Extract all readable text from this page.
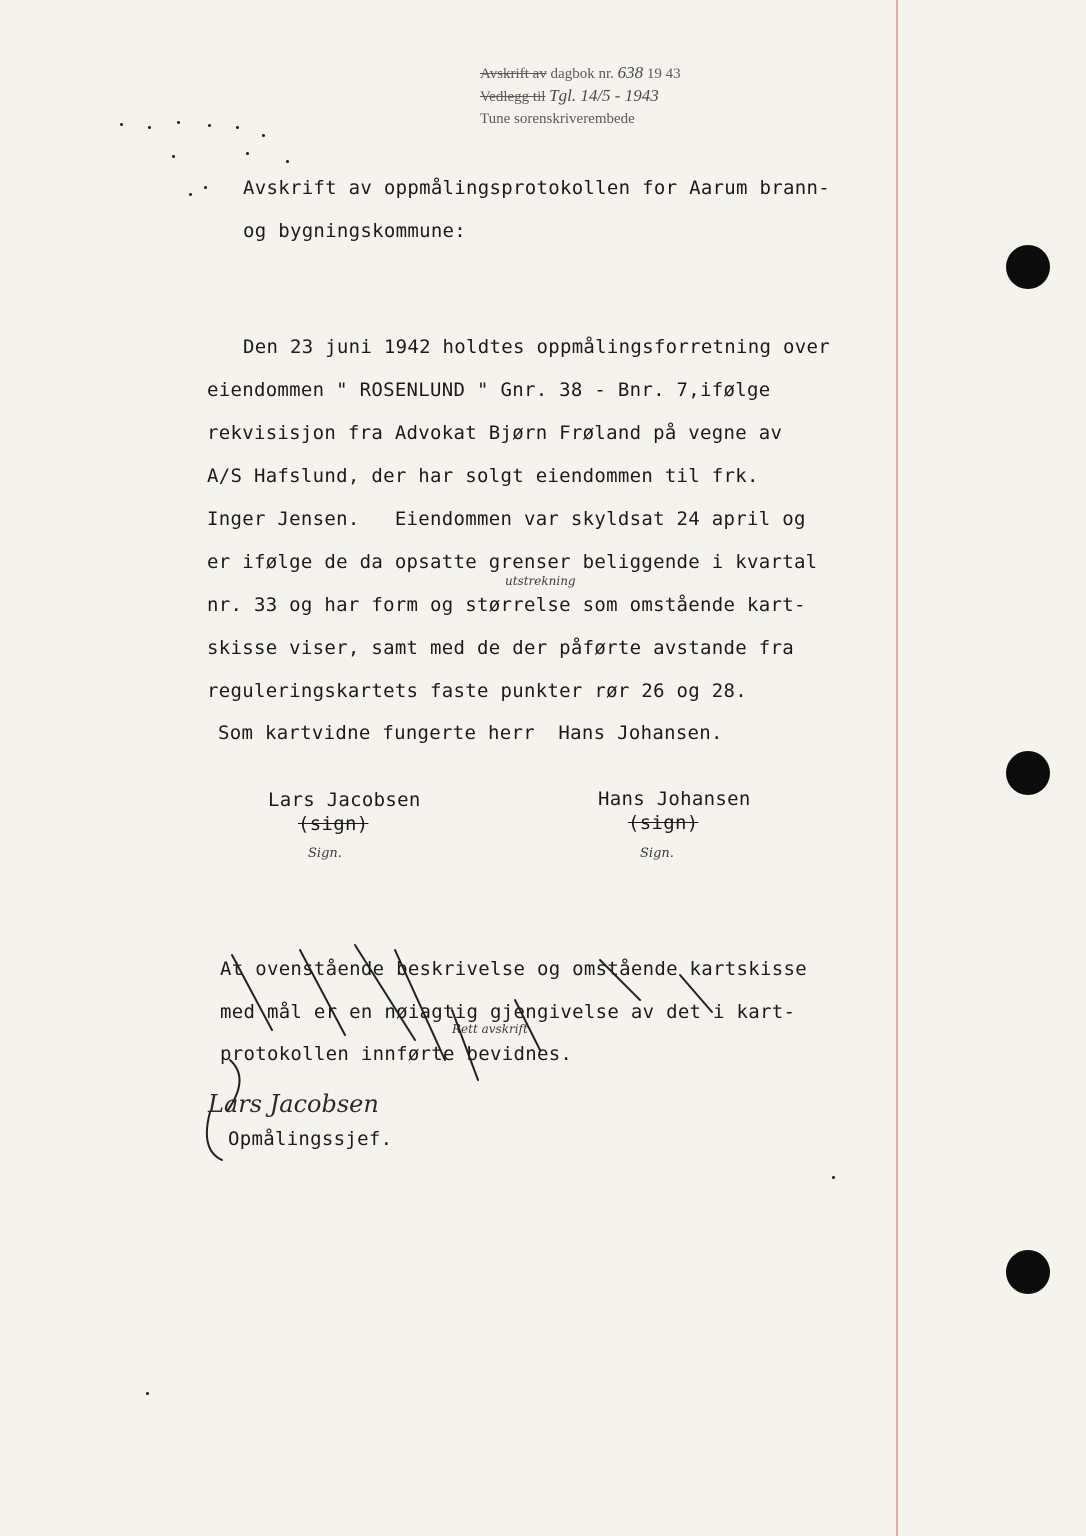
Avskrift av dagbok nr. 638 19 43
Vedlegg til Tgl. 14/5 - 1943
Tune sorenskriverembede
Avskrift av oppmålingsprotokollen for Aarum brann-
og bygningskommune:
Den 23 juni 1942 holdtes oppmålingsforretning over
eiendommen " ROSENLUND " Gnr. 38 - Bnr. 7,ifølge
rekvisisjon fra Advokat Bjørn Frøland på vegne av
A/S Hafslund, der har solgt eiendommen til frk.
Inger Jensen.   Eiendommen var skyldsat 24 april og
er ifølge de da opsatte grenser beliggende i kvartal
utstrekning
nr. 33 og har form og størrelse som omstående kart-
skisse viser, samt med de der påførte avstande fra
reguleringskartets faste punkter rør 26 og 28.
Som kartvidne fungerte herr  Hans Johansen.
Lars Jacobsen
(sign)
Sign.
Hans Johansen
(sign)
Sign.
At ovenstående beskrivelse og omstående kartskisse
med mål er en nøiagtig gjengivelse av det i kart-
Rett avskrift
protokollen innførte bevidnes.
Lars Jacobsen
Opmålingssjef.
